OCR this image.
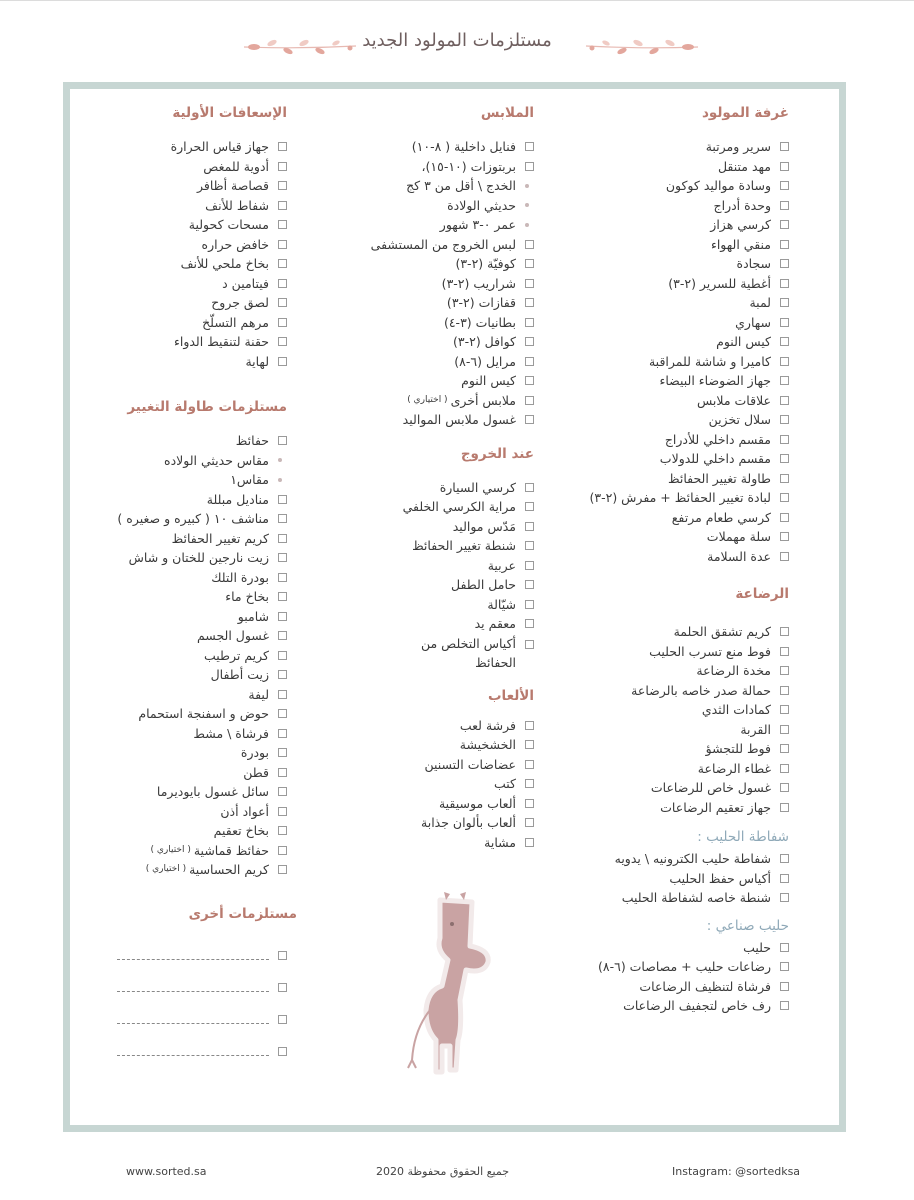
مستلزمات المولود الجديد
غرفة المولود
سرير ومرتبة
مهد متنقل
وسادة مواليد كوكون
وحدة أدراج
كرسي هزاز
منقي الهواء
سجادة
أغطية للسرير (٢-٣)
لمبة
سهاري
كيس النوم
كاميرا و شاشة للمراقبة
جهاز الضوضاء البيضاء
علاقات ملابس
سلال تخزين
مقسم داخلي للأدراج
مقسم داخلي للدولاب
طاولة تغيير الحفائظ
لبادة تغيير الحفائظ + مفرش (٢-٣)
كرسي طعام مرتفع
سلة مهملات
عدة السلامة
الرضاعة
كريم تشقق الحلمة
فوط منع تسرب الحليب
مخدة الرضاعة
حمالة صدر خاصه بالرضاعة
كمادات الثدي
القربة
فوط للتجشؤ
غطاء الرضاعة
غسول خاص للرضاعات
جهاز تعقيم الرضاعات
شفاطة الحليب :
شفاطة حليب الكترونيه \ يدويه
أكياس حفظ الحليب
شنطة خاصه لشفاطة الحليب
حليب صناعي :
حليب
رضاعات حليب + مصاصات (٦-٨)
فرشاة لتنظيف الرضاعات
رف خاص لتجفيف الرضاعات
الملابس
فنايل داخلية ( ٨-١٠)
بربتوزات (١٠-١٥)،
الخدج \ أقل من ٣ كج
حديثي الولادة
عمر ٠-٣ شهور
لبس الخروج من المستشفى
كوفيّة (٢-٣)
شراريب (٢-٣)
قفازات (٢-٣)
بطانيات (٣-٤)
كوافل (٢-٣)
مرايل (٦-٨)
كيس النوم
ملابس أخرى
( اختياري )
غسول ملابس المواليد
عند الخروج
كرسي السيارة
مراية الكرسي الخلفي
مَدّس مواليد
شنطة تغيير الحفائظ
عربية
حامل الطفل
شيّالة
معقم يد
أكياس التخلص من
الحفائظ
الألعاب
فرشة لعب
الخشخيشة
عضاضات التسنين
كتب
ألعاب موسيقية
ألعاب بألوان جذابة
مشاية
الإسعافات الأولية
جهاز قياس الحرارة
أدوية للمغص
قصاصة أظافر
شفاط للأنف
مسحات كحولية
خافض حراره
بخاخ ملحي للأنف
فيتامين د
لصق جروح
مرهم التسلّخ
حقنة لتنقيط الدواء
لهاية
مستلزمات طاولة التغيير
حفائظ
مقاس حديثي الولاده
مقاس١
مناديل مبللة
مناشف ١٠ ( كبيره و صغيره )
كريم تغيير الحفائظ
زيت نارجين للختان و شاش
بودرة التلك
بخاخ ماء
شامبو
غسول الجسم
كريم ترطيب
زيت أطفال
ليفة
حوض و اسفنجة استحمام
فرشاة \ مشط
بودرة
قطن
سائل غسول بايوديرما
أعواد أذن
بخاخ تعقيم
حفائظ قماشية
( اختياري )
كريم الحساسية
( اختياري )
مستلزمات أخرى
www.sorted.sa	جميع الحقوق محفوظة 2020	Instagram: @sortedksa
